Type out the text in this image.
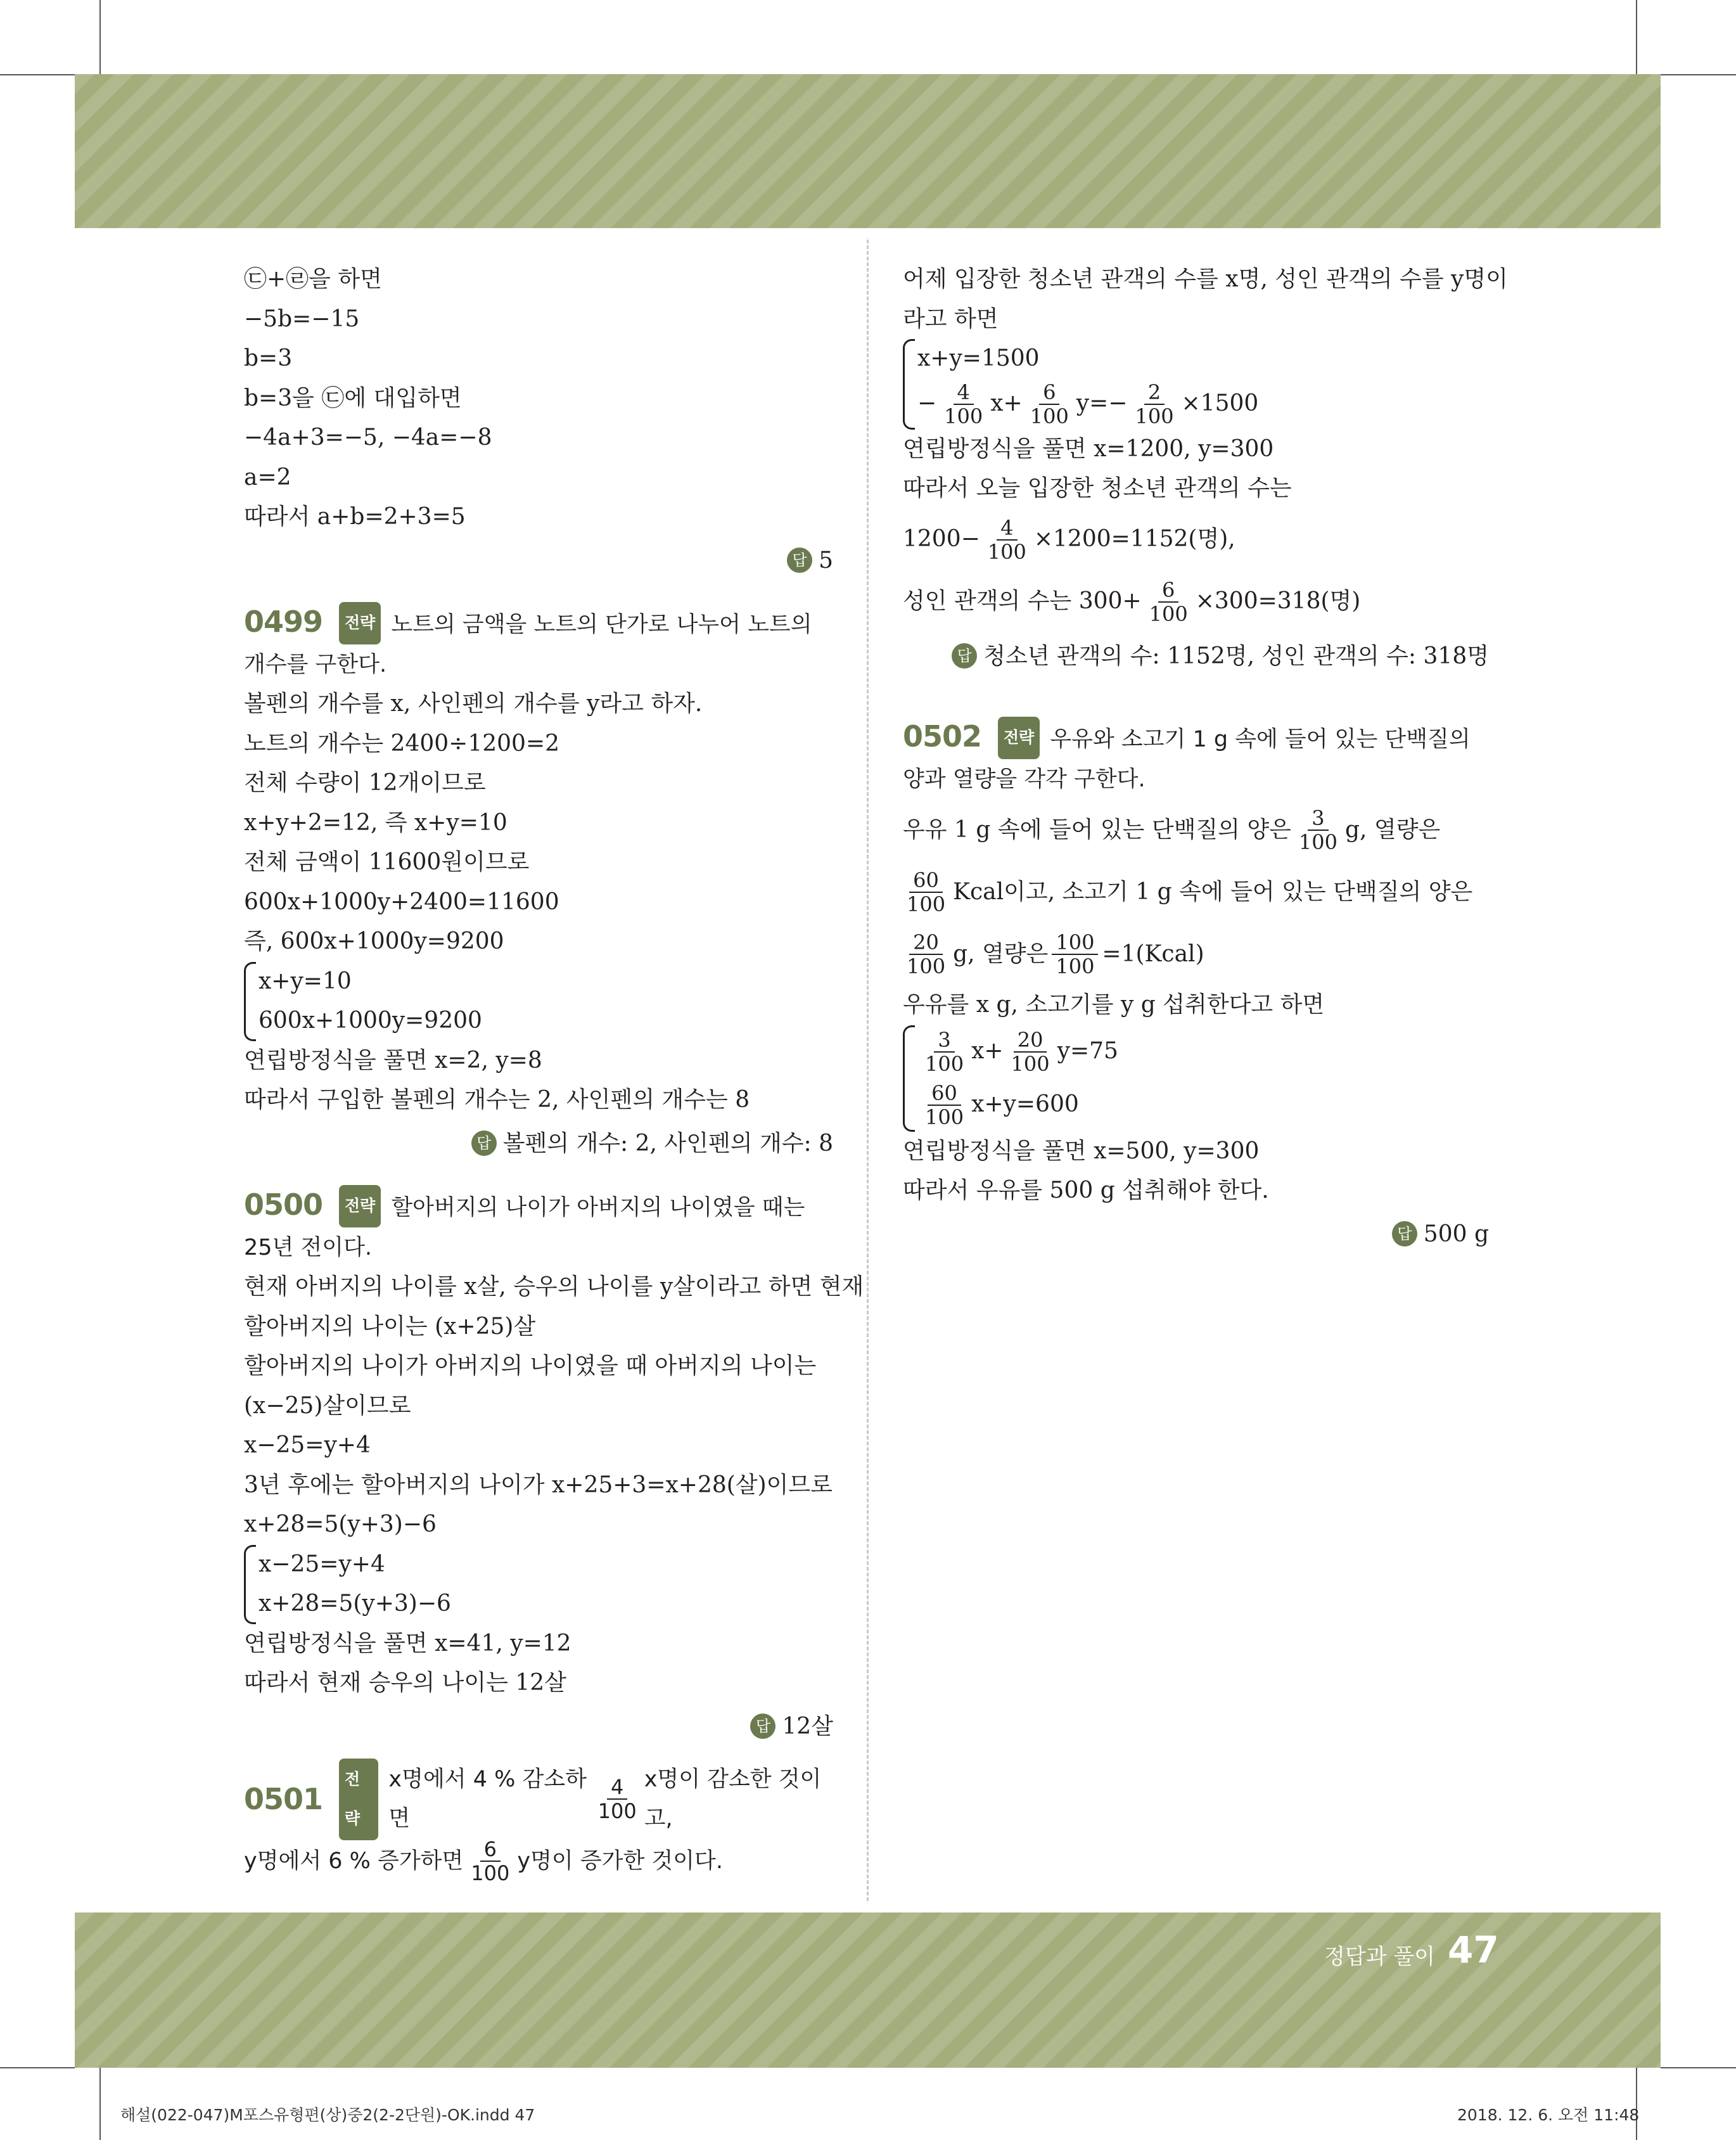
㉢+㉣을 하면
−5b=−15
b=3
b=3을 ㉢에 대입하면
−4a+3=−5, −4a=−8
a=2
따라서 a+b=2+3=5
답 5
0499 전략 노트의 금액을 노트의 단가로 나누어 노트의 개수를 구한다.
볼펜의 개수를 x, 사인펜의 개수를 y라고 하자.
노트의 개수는 2400÷1200=2
전체 수량이 12개이므로
x+y+2=12, 즉 x+y=10
전체 금액이 11600원이므로
600x+1000y+2400=11600
즉, 600x+1000y=9200
x+y=10
600x+1000y=9200
연립방정식을 풀면 x=2, y=8
따라서 구입한 볼펜의 개수는 2, 사인펜의 개수는 8
답 볼펜의 개수: 2, 사인펜의 개수: 8
0500 전략 할아버지의 나이가 아버지의 나이였을 때는 25년 전이다.
현재 아버지의 나이를 x살, 승우의 나이를 y살이라고 하면 현재
할아버지의 나이는 (x+25)살
할아버지의 나이가 아버지의 나이였을 때 아버지의 나이는
(x−25)살이므로
x−25=y+4
3년 후에는 할아버지의 나이가 x+25+3=x+28(살)이므로
x+28=5(y+3)−6
x−25=y+4
x+28=5(y+3)−6
연립방정식을 풀면 x=41, y=12
따라서 현재 승우의 나이는 12살
답 12살
0501
전략
x명에서 4 % 감소하면	$\frac{4}{100}$ x명이 감소한 것이고,
y명에서 6 % 증가하면 $\frac{6}{100}$ y명이 증가한 것이다.
어제 입장한 청소년 관객의 수를 x명, 성인 관객의 수를 y명이
라고 하면
x+y=1500
− $\frac{4}{100} x+ \frac{6}{100} y=- \frac{2}{100} \times 1500$
연립방정식을 풀면 x=1200, y=300
따라서 오늘 입장한 청소년 관객의 수는
$1200- \frac{4}{100} \times 1200=1152$(명),
성인 관객의 수는 $300+ \frac{6}{100} \times 300=318$(명)
답 청소년 관객의 수: 1152명, 성인 관객의 수: 318명
0502 전략 우유와 소고기 1 g 속에 들어 있는 단백질의 양과 열량을 각각 구한다.
우유 1 g 속에 들어 있는 단백질의 양은 $\frac{3}{100} g$, 열량은
$\frac{60}{100}$ Kcal이고, 소고기 1 g 속에 들어 있는 단백질의 양은
$\frac{20}{100} g$, 열량은 $\frac{100}{100}$ =1(Kcal)
우유를 x g, 소고기를 y g 섭취한다고 하면
$\frac{3}{100} x+ \frac{20}{100} y=75$
$\frac{60}{100} x+y=600$
연립방정식을 풀면 x=500, y=300
따라서 우유를 500 g 섭취해야 한다.
답 500 g
정답과 풀이 47
해설(022-047)M포스유형편(상)중2(2-2단원)-OK.indd 47	2018. 12. 6. 오전 11:48
